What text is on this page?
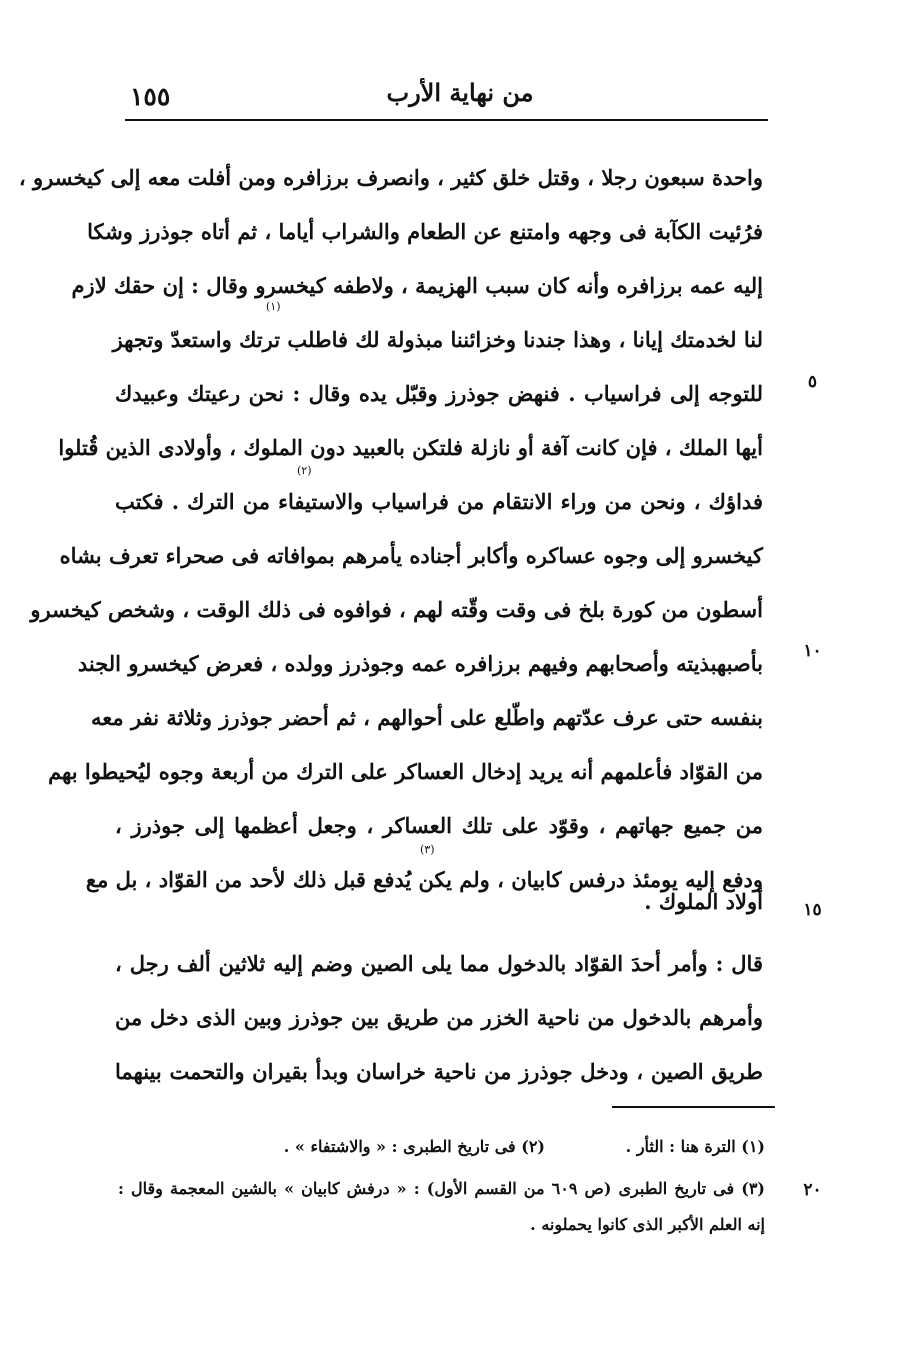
١٥٥	من نهاية الأرب
واحدة سبعون رجلا ، وقتل خلق كثير ، وانصرف برزافره ومن أفلت معه إلى كيخسرو ،
فرُئيت الكآبة فى وجهه وامتنع عن الطعام والشراب أياما ، ثم أتاه جوذرز وشكا
إليه عمه برزافره وأنه كان سبب الهزيمة ، ولاطفه كيخسرو وقال : إن حقك لازم
لنا لخدمتك إيانا ، وهذا جندنا وخزائننا مبذولة لك فاطلب ترتك واستعدّ وتجهز
للتوجه إلى فراسياب . فنهض جوذرز وقبّل يده وقال : نحن رعيتك وعبيدك
أيها الملك ، فإن كانت آفة أو نازلة فلتكن بالعبيد دون الملوك ، وأولادى الذين قُتلوا
فداؤك ، ونحن من وراء الانتقام من فراسياب والاستيفاء من الترك . فكتب
كيخسرو إلى وجوه عساكره وأكابر أجناده يأمرهم بموافاته فى صحراء تعرف بشاه
أسطون من كورة بلخ فى وقت وقّته لهم ، فوافوه فى ذلك الوقت ، وشخص كيخسرو
بأصبهبذيته وأصحابهم وفيهم برزافره عمه وجوذرز وولده ، فعرض كيخسرو الجند
بنفسه حتى عرف عدّتهم واطّلع على أحوالهم ، ثم أحضر جوذرز وثلاثة نفر معه
من القوّاد فأعلمهم أنه يريد إدخال العساكر على الترك من أربعة وجوه ليُحيطوا بهم
من جميع جهاتهم ، وقوّد على تلك العساكر ، وجعل أعظمها إلى جوذرز ،
ودفع إليه يومئذ درفس كابيان ، ولم يكن يُدفع قبل ذلك لأحد من القوّاد ، بل مع
أولاد الملوك .
قال : وأمر أحدَ القوّاد بالدخول مما يلى الصين وضم إليه ثلاثين ألف رجل ،
وأمرهم بالدخول من ناحية الخزر من طريق بين جوذرز وبين الذى دخل من
طريق الصين ، ودخل جوذرز من ناحية خراسان وبدأ بقيران والتحمت بينهما
(١)
(٢)
(٣)
٥
١٠
١٥
٢٠
(١) الترة هنا : الثأر .
(٢) فى تاريخ الطبرى : « والاشتفاء » .
(٣) فى تاريخ الطبرى (ص ٦٠٩ من القسم الأول) : « درفش كابيان » بالشين المعجمة وقال :
إنه العلم الأكبر الذى كانوا يحملونه .
